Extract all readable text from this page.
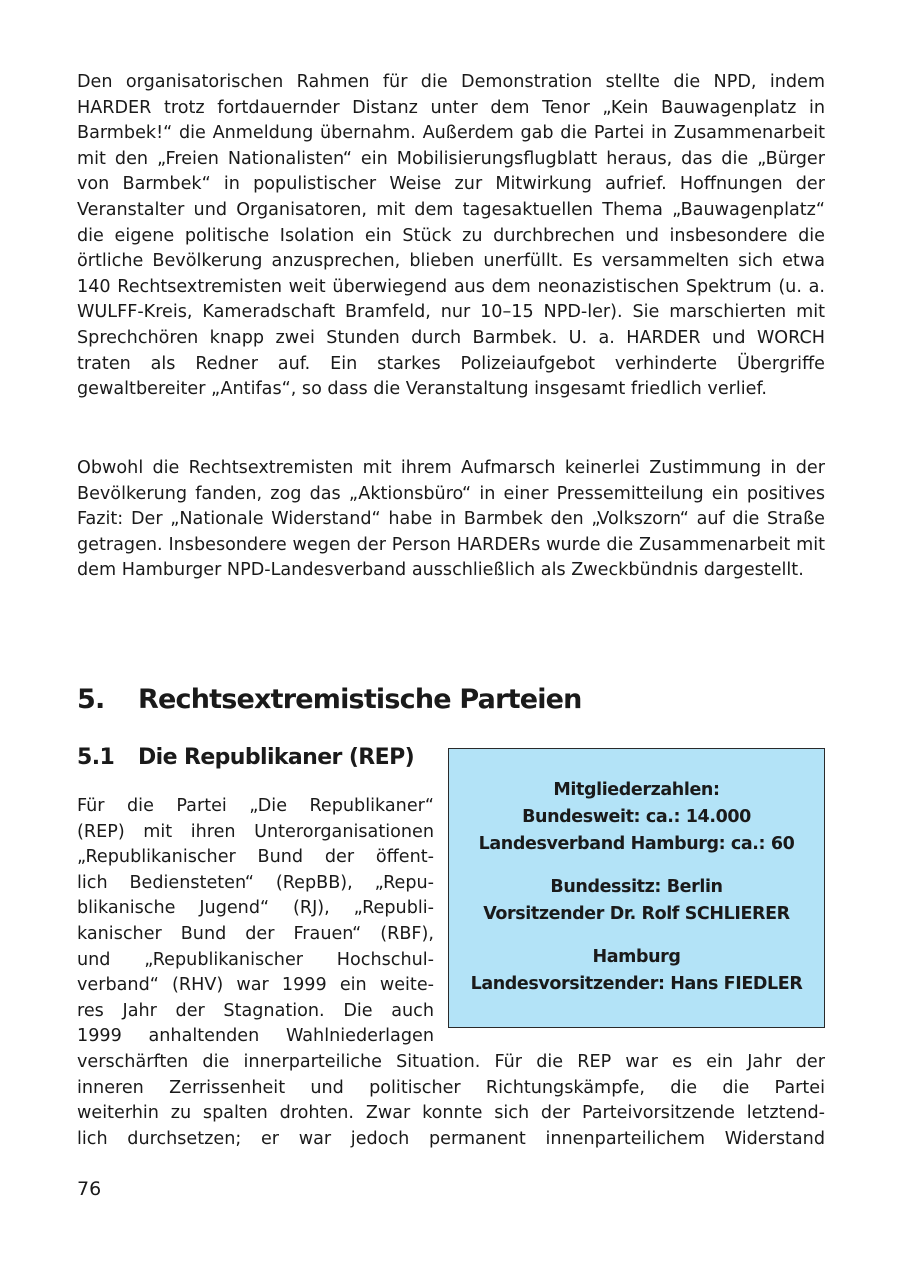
Den organisatorischen Rahmen für die Demonstration stellte die NPD, indem HARDER trotz fortdauernder Distanz unter dem Tenor „Kein Bauwagenplatz in Barmbek!“ die Anmeldung übernahm. Außerdem gab die Partei in Zusammenarbeit mit den „Freien Nationalisten“ ein Mobilisierungsflugblatt heraus, das die „Bürger von Barmbek“ in populistischer Weise zur Mitwirkung aufrief. Hoffnungen der Veranstalter und Organisatoren, mit dem tagesaktuellen Thema „Bauwagenplatz“ die eigene politische Isolation ein Stück zu durchbrechen und insbesondere die örtliche Bevölkerung anzusprechen, blieben unerfüllt. Es versammelten sich etwa 140 Rechtsextremisten weit überwiegend aus dem neonazistischen Spektrum (u. a. WULFF-Kreis, Kameradschaft Bramfeld, nur 10–15 NPD-ler). Sie marschierten mit Sprechchören knapp zwei Stunden durch Barmbek. U. a. HARDER und WORCH traten als Redner auf. Ein starkes Polizeiaufgebot verhinderte Übergriffe gewaltbereiter „Antifas“, so dass die Veranstaltung insgesamt friedlich verlief.

Obwohl die Rechtsextremisten mit ihrem Aufmarsch keinerlei Zustimmung in der Bevölkerung fanden, zog das „Aktionsbüro“ in einer Pressemitteilung ein positives Fazit: Der „Nationale Widerstand“ habe in Barmbek den „Volkszorn“ auf die Straße getragen. Insbesondere wegen der Person HARDERs wurde die Zusammenarbeit mit dem Hamburger NPD-Landesverband ausschließlich als Zweckbündnis dargestellt.

5. Rechtsextremistische Parteien
5.1 Die Republikaner (REP)
Für die Partei „Die Republikaner“
(REP) mit ihren Unterorganisationen
„Republikanischer Bund der öffent-
lich Bediensteten“ (RepBB), „Repu-
blikanische Jugend“ (RJ), „Republi-
kanischer Bund der Frauen“ (RBF),
und „Republikanischer Hochschul-
verband“ (RHV) war 1999 ein weite-
res Jahr der Stagnation. Die auch
1999 anhaltenden Wahlniederlagen
Mitgliederzahlen:
Bundesweit: ca.: 14.000
Landesverband Hamburg: ca.: 60
Bundessitz: Berlin
Vorsitzender Dr. Rolf SCHLIERER
Hamburg
Landesvorsitzender: Hans FIEDLER
verschärften die innerparteiliche Situation. Für die REP war es ein Jahr der
inneren Zerrissenheit und politischer Richtungskämpfe, die die Partei
weiterhin zu spalten drohten. Zwar konnte sich der Parteivorsitzende letztend-
lich durchsetzen; er war jedoch permanent innenparteilichem Widerstand
76
